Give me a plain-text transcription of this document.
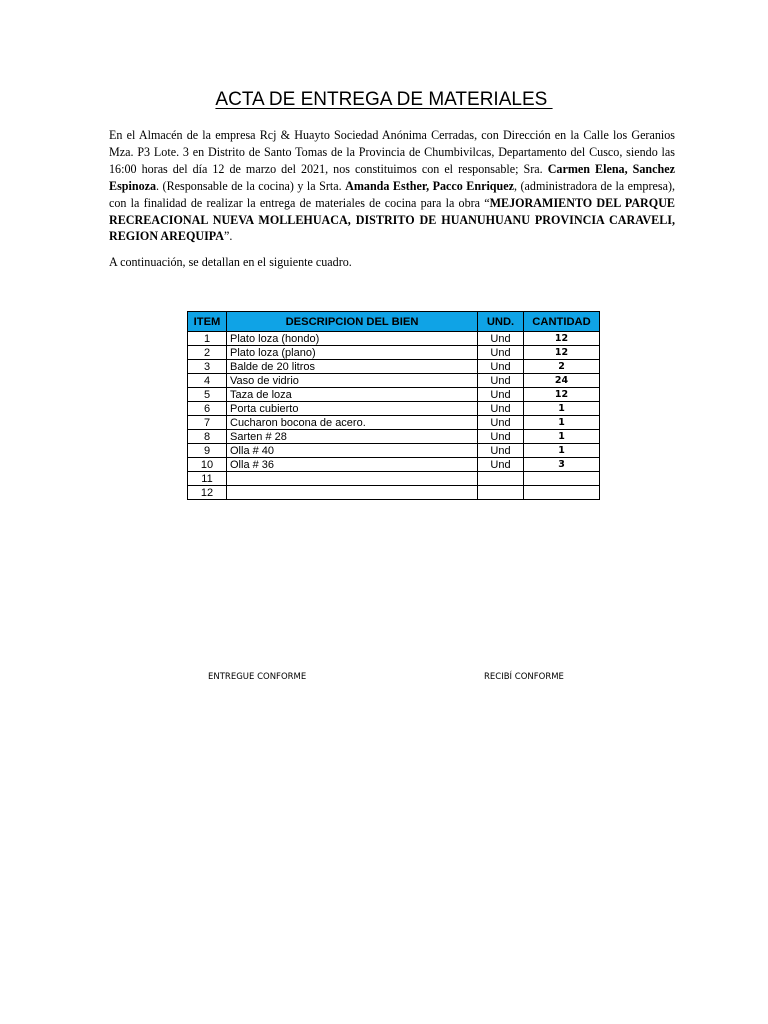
ACTA DE ENTREGA DE MATERIALES
En el Almacén de la empresa Rcj & Huayto Sociedad Anónima Cerradas, con Dirección en la Calle los Geranios Mza. P3 Lote. 3 en Distrito de Santo Tomas de la Provincia de Chumbivilcas, Departamento del Cusco, siendo las 16:00 horas del día 12 de marzo del 2021, nos constituimos con el responsable; Sra. Carmen Elena, Sanchez Espinoza. (Responsable de la cocina) y la Srta. Amanda Esther, Pacco Enriquez, (administradora de la empresa), con la finalidad de realizar la entrega de materiales de cocina para la obra “MEJORAMIENTO DEL PARQUE RECREACIONAL NUEVA MOLLEHUACA, DISTRITO DE HUANUHUANU PROVINCIA CARAVELI, REGION AREQUIPA”.
A continuación, se detallan en el siguiente cuadro.
ITEM	DESCRIPCION DEL BIEN	UND.	CANTIDAD
1	Plato loza (hondo)	Und	12
2	Plato loza (plano)	Und	12
3	Balde de 20 litros	Und	2
4	Vaso de vidrio	Und	24
5	Taza de loza	Und	12
6	Porta cubierto	Und	1
7	Cucharon bocona de acero.	Und	1
8	Sarten # 28	Und	1
9	Olla # 40	Und	1
10	Olla # 36	Und	3
11			
12			
ENTREGUE CONFORME	RECIBÍ CONFORME
